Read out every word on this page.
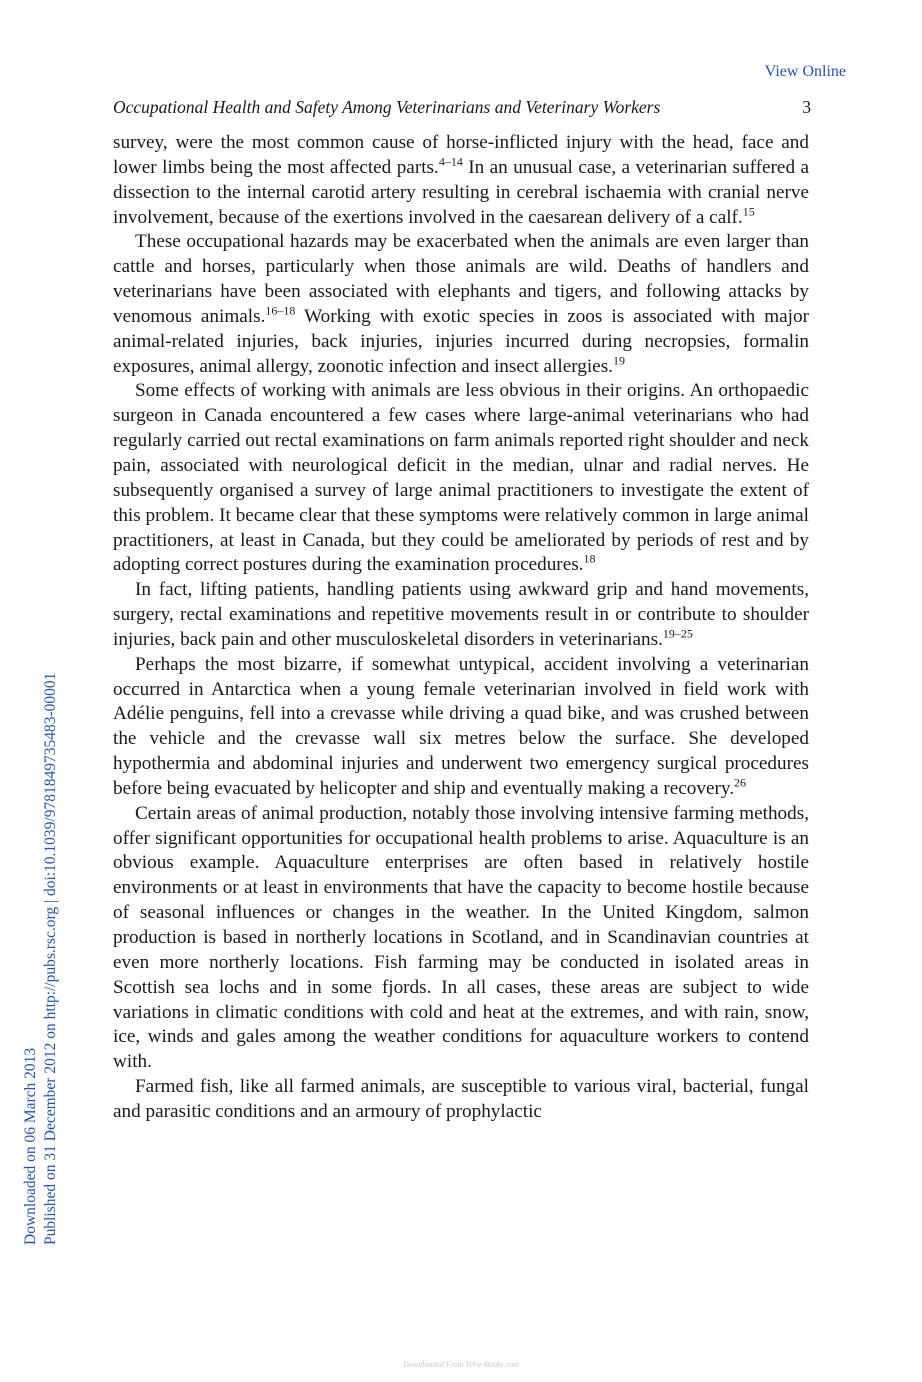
View Online
Occupational Health and Safety Among Veterinarians and Veterinary Workers	3
Downloaded on 06 March 2013 Published on 31 December 2012 on http://pubs.rsc.org | doi:10.1039/9781849735483-00001

survey, were the most common cause of horse-inflicted injury with the head, face and lower limbs being the most affected parts.$^{4-14}$ In an unusual case, a veterinarian suffered a dissection to the internal carotid artery resulting in cerebral ischaemia with cranial nerve involvement, because of the exertions involved in the caesarean delivery of a calf.$^{15}$

These occupational hazards may be exacerbated when the animals are even larger than cattle and horses, particularly when those animals are wild. Deaths of handlers and veterinarians have been associated with elephants and tigers, and following attacks by venomous animals.$^{16-18}$ Working with exotic species in zoos is associated with major animal-related injuries, back injuries, injuries incurred during necropsies, formalin exposures, animal allergy, zoonotic infection and insect allergies.$^{19}$

Some effects of working with animals are less obvious in their origins. An orthopaedic surgeon in Canada encountered a few cases where large-animal veterinarians who had regularly carried out rectal examinations on farm animals reported right shoulder and neck pain, associated with neurological deficit in the median, ulnar and radial nerves. He subsequently organised a survey of large animal practitioners to investigate the extent of this problem. It became clear that these symptoms were relatively common in large animal practitioners, at least in Canada, but they could be ameliorated by periods of rest and by adopting correct postures during the examination procedures.$^{18}$

In fact, lifting patients, handling patients using awkward grip and hand movements, surgery, rectal examinations and repetitive movements result in or contribute to shoulder injuries, back pain and other musculoskeletal disorders in veterinarians.$^{19-25}$

Perhaps the most bizarre, if somewhat untypical, accident involving a veterinarian occurred in Antarctica when a young female veterinarian involved in field work with Adélie penguins, fell into a crevasse while driving a quad bike, and was crushed between the vehicle and the crevasse wall six metres below the surface. She developed hypothermia and abdominal injuries and underwent two emergency surgical procedures before being evacuated by helicopter and ship and eventually making a recovery.$^{26}$

Certain areas of animal production, notably those involving intensive farming methods, offer significant opportunities for occupational health problems to arise. Aquaculture is an obvious example. Aquaculture enterprises are often based in relatively hostile environments or at least in environments that have the capacity to become hostile because of seasonal influences or changes in the weather. In the United Kingdom, salmon production is based in northerly locations in Scotland, and in Scandinavian countries at even more northerly locations. Fish farming may be conducted in isolated areas in Scottish sea lochs and in some fjords. In all cases, these areas are subject to wide variations in climatic conditions with cold and heat at the extremes, and with rain, snow, ice, winds and gales among the weather conditions for aquaculture workers to contend with.

Farmed fish, like all farmed animals, are susceptible to various viral, bacterial, fungal and parasitic conditions and an armoury of prophylactic

Downloaded From Vet-e-Books.com
